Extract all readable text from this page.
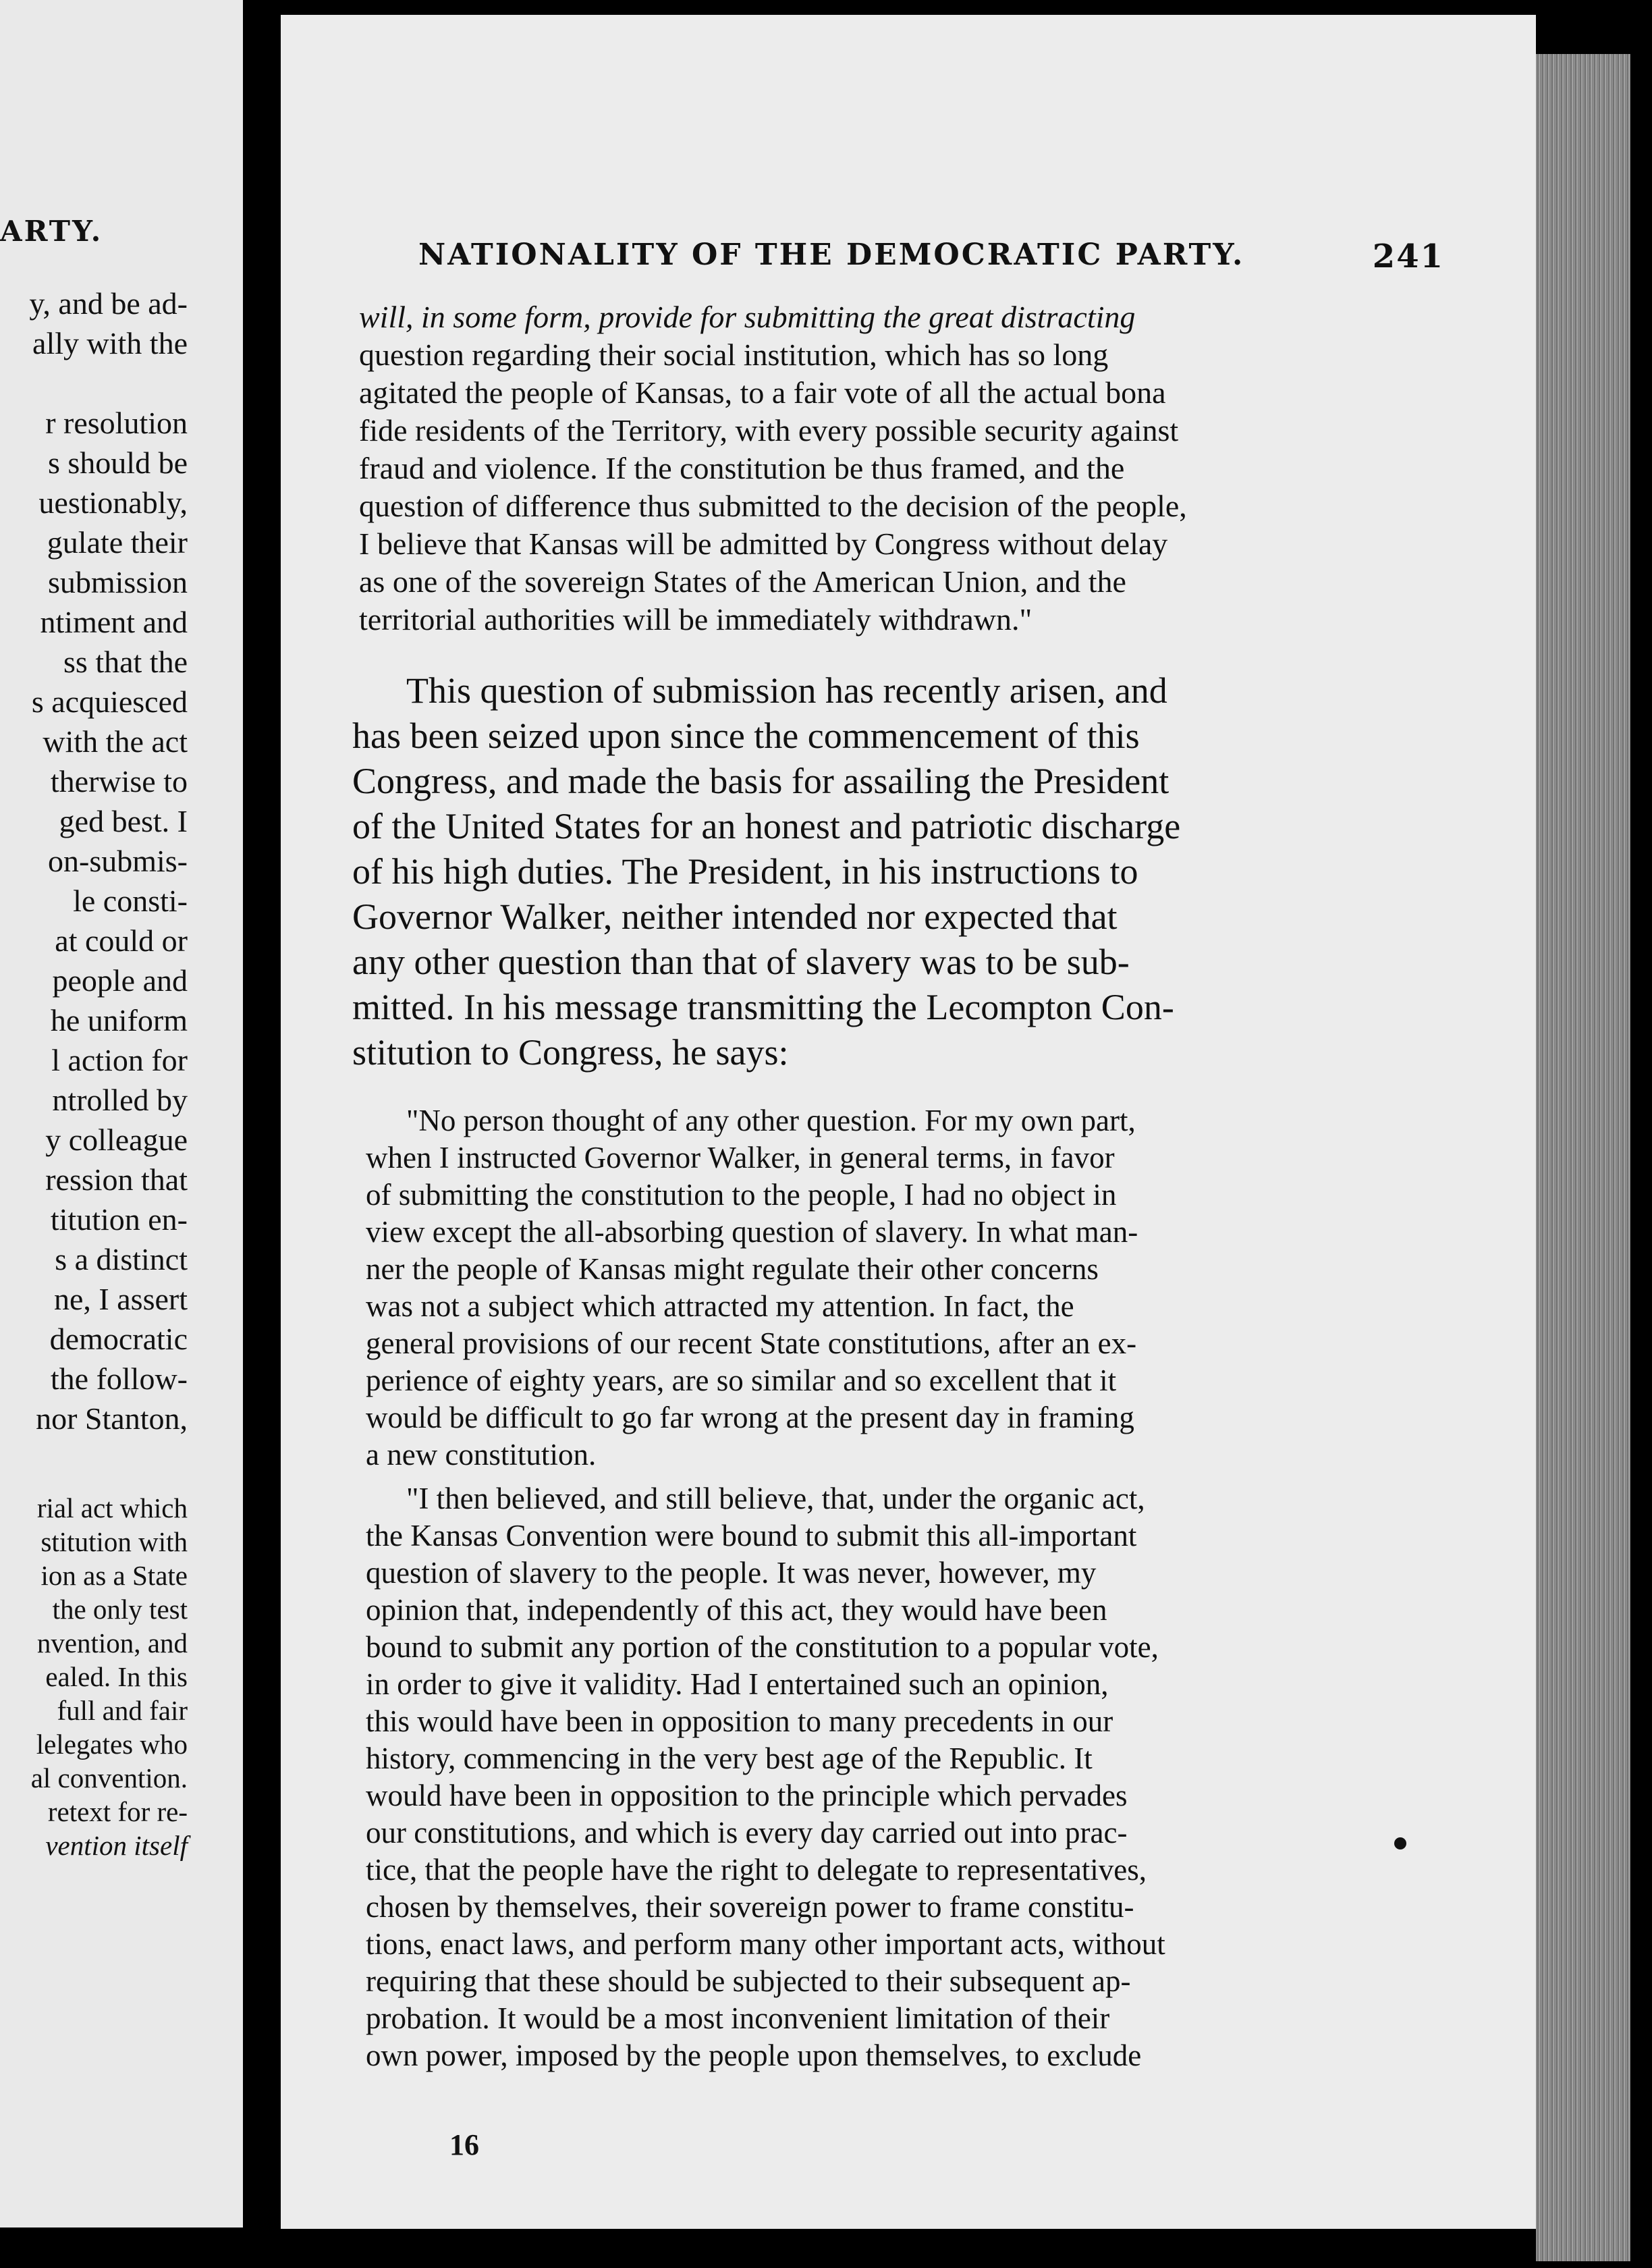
ARTY.
y, and be ad-
ally with the
r resolution
s should be
uestionably,
gulate their
submission
ntiment and
ss that the
s acquiesced
with the act
therwise to
ged best. I
on-submis-
le consti-
at could or
people and
he uniform
l action for
ntrolled by
y colleague
ression that
titution en-
s a distinct
ne, I assert
democratic
the follow-
nor Stanton,
rial act which
stitution with
ion as a State
the only test
nvention, and
ealed. In this
full and fair
lelegates who
al convention.
retext for re-
vention itself
NATIONALITY OF THE DEMOCRATIC PARTY.	241
will, in some form, provide for submitting the great distracting
question regarding their social institution, which has so long
agitated the people of Kansas, to a fair vote of all the actual bona
fide residents of the Territory, with every possible security against
fraud and violence. If the constitution be thus framed, and the
question of difference thus submitted to the decision of the people,
I believe that Kansas will be admitted by Congress without delay
as one of the sovereign States of the American Union, and the
territorial authorities will be immediately withdrawn."
This question of submission has recently arisen, and
has been seized upon since the commencement of this
Congress, and made the basis for assailing the President
of the United States for an honest and patriotic discharge
of his high duties. The President, in his instructions to
Governor Walker, neither intended nor expected that
any other question than that of slavery was to be sub-
mitted. In his message transmitting the Lecompton Con-
stitution to Congress, he says:
"No person thought of any other question. For my own part,
when I instructed Governor Walker, in general terms, in favor
of submitting the constitution to the people, I had no object in
view except the all-absorbing question of slavery. In what man-
ner the people of Kansas might regulate their other concerns
was not a subject which attracted my attention. In fact, the
general provisions of our recent State constitutions, after an ex-
perience of eighty years, are so similar and so excellent that it
would be difficult to go far wrong at the present day in framing
a new constitution.
"I then believed, and still believe, that, under the organic act,
the Kansas Convention were bound to submit this all-important
question of slavery to the people. It was never, however, my
opinion that, independently of this act, they would have been
bound to submit any portion of the constitution to a popular vote,
in order to give it validity. Had I entertained such an opinion,
this would have been in opposition to many precedents in our
history, commencing in the very best age of the Republic. It
would have been in opposition to the principle which pervades
our constitutions, and which is every day carried out into prac-
tice, that the people have the right to delegate to representatives,
chosen by themselves, their sovereign power to frame constitu-
tions, enact laws, and perform many other important acts, without
requiring that these should be subjected to their subsequent ap-
probation. It would be a most inconvenient limitation of their
own power, imposed by the people upon themselves, to exclude
16
